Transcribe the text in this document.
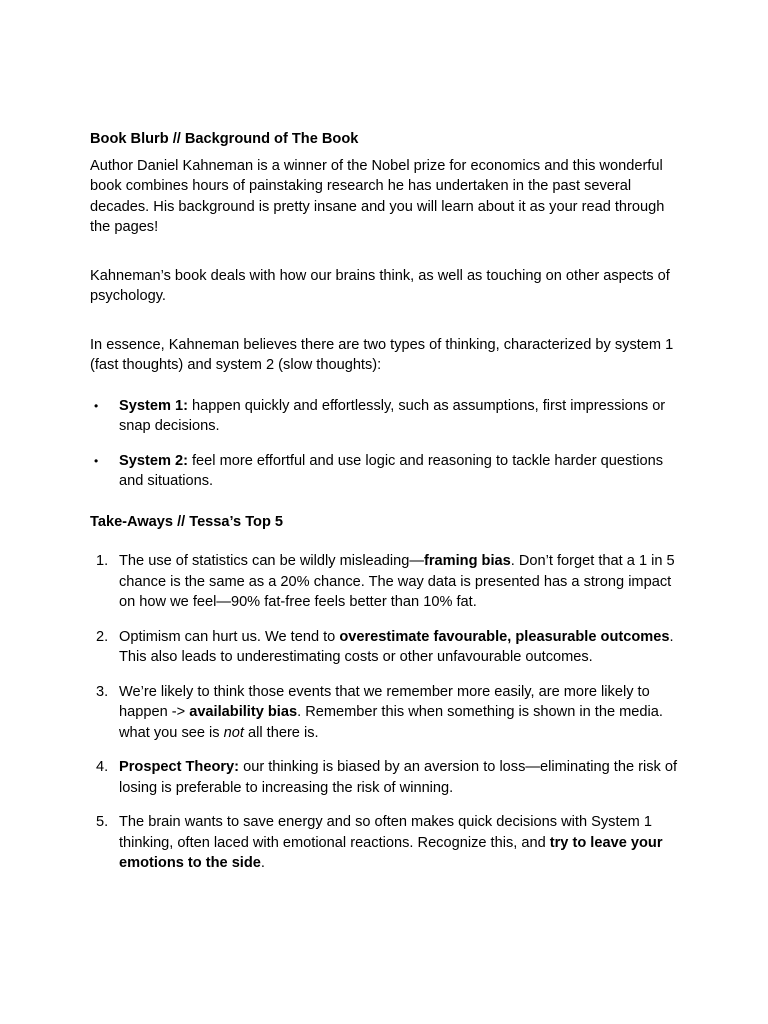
Book Blurb // Background of The Book

Author Daniel Kahneman is a winner of the Nobel prize for economics and this wonderful book combines hours of painstaking research he has undertaken in the past several decades. His background is pretty insane and you will learn about it as your read through the pages!

Kahneman’s book deals with how our brains think, as well as touching on other aspects of psychology.

In essence, Kahneman believes there are two types of thinking, characterized by system 1 (fast thoughts) and system 2 (slow thoughts):

•	System 1: happen quickly and effortlessly, such as assumptions, first impressions or snap decisions.
•	System 2: feel more effortful and use logic and reasoning to tackle harder questions and situations.
Take-Aways // Tessa’s Top 5
1. The use of statistics can be wildly misleading—framing bias. Don’t forget that a 1 in 5 chance is the same as a 20% chance. The way data is presented has a strong impact on how we feel—90% fat-free feels better than 10% fat.
2. Optimism can hurt us. We tend to overestimate favourable, pleasurable outcomes. This also leads to underestimating costs or other unfavourable outcomes.
3. We’re likely to think those events that we remember more easily, are more likely to happen -> availability bias. Remember this when something is shown in the media. what you see is not all there is.
4. Prospect Theory: our thinking is biased by an aversion to loss—eliminating the risk of losing is preferable to increasing the risk of winning.
5. The brain wants to save energy and so often makes quick decisions with System 1 thinking, often laced with emotional reactions. Recognize this, and try to leave your emotions to the side.
